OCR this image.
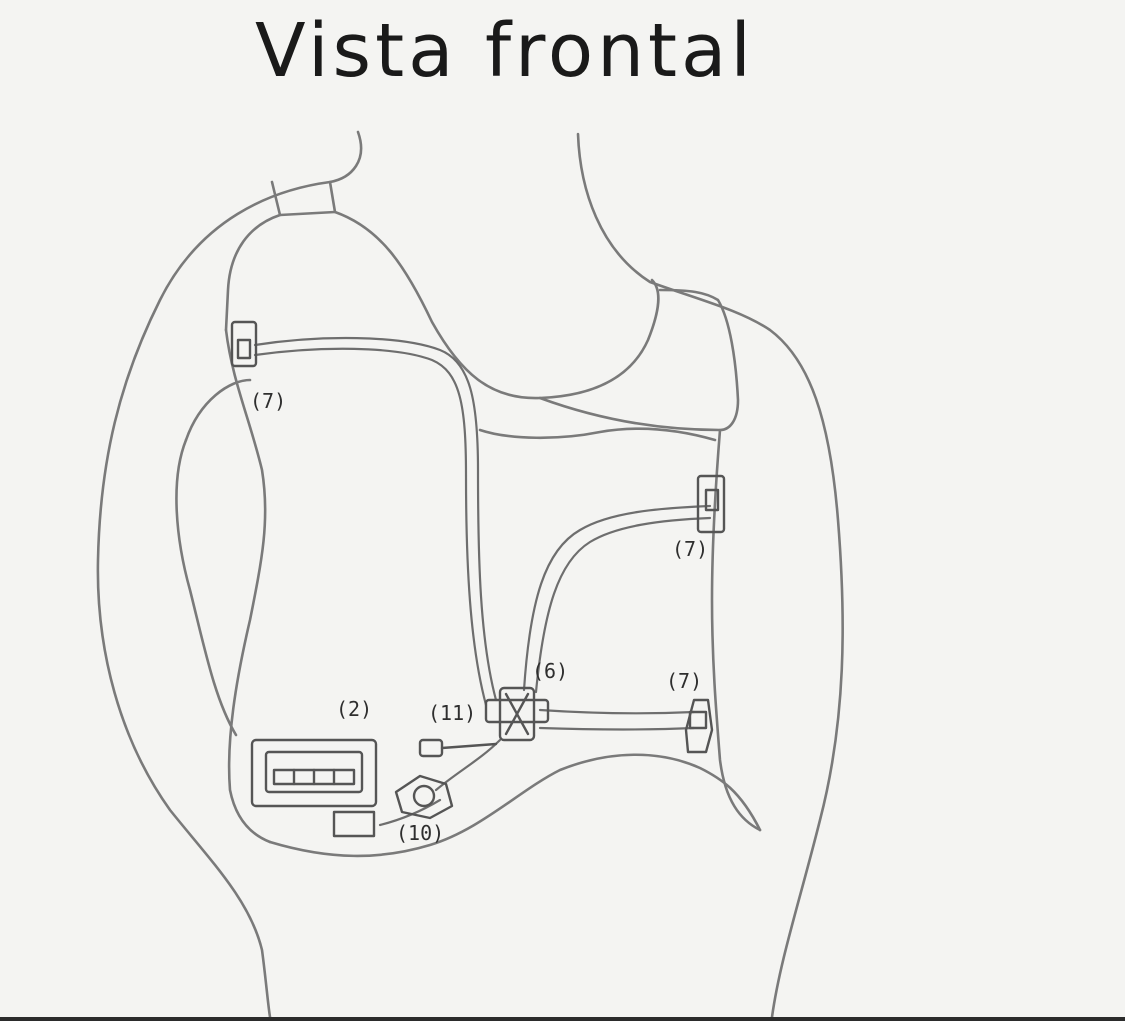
Vista frontal
(7)
(7)
(7)
(6)
(2)	(11)
(10)
